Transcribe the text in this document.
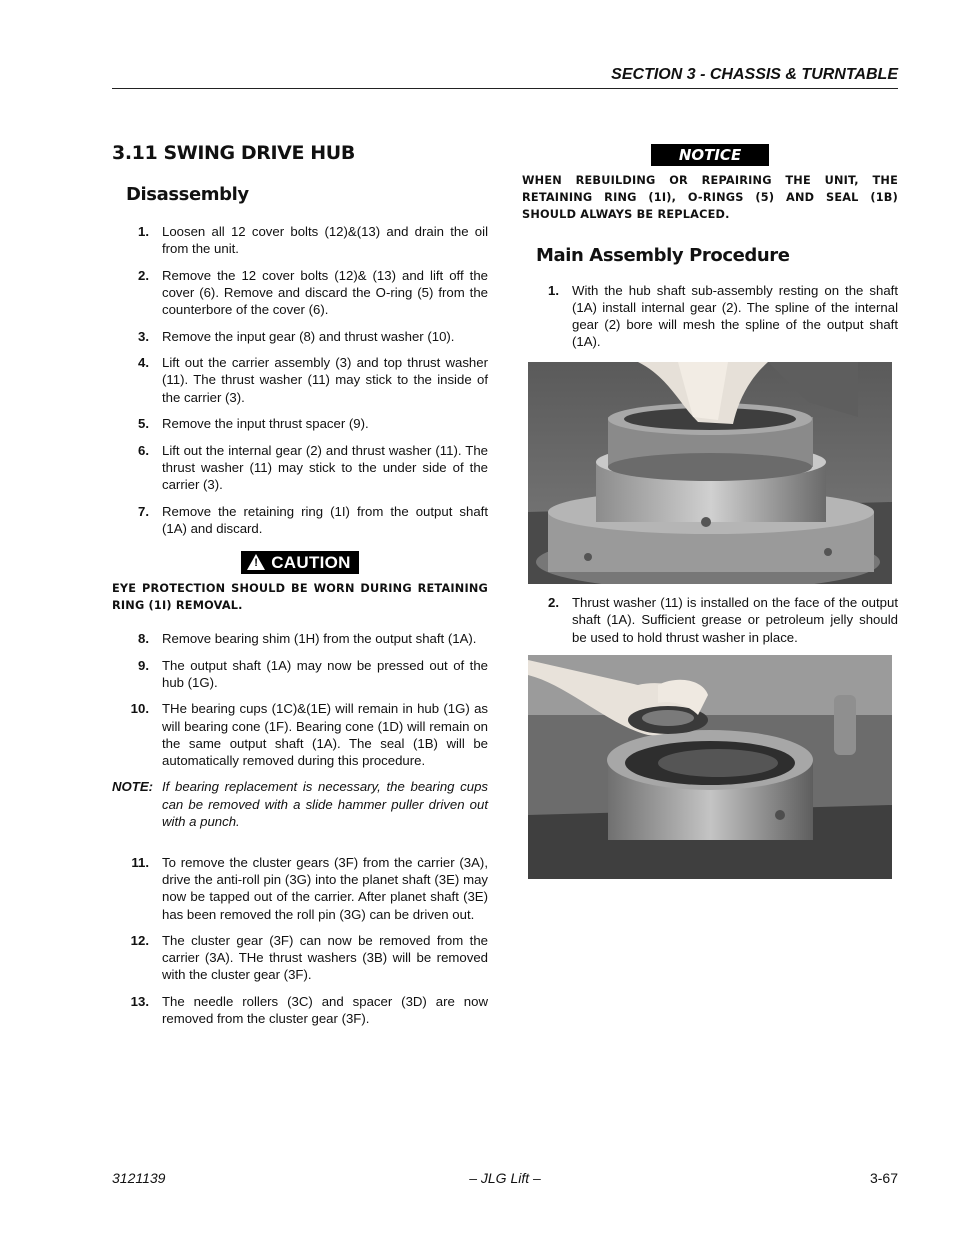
SECTION 3 - CHASSIS & TURNTABLE
3.11 SWING DRIVE HUB
Disassembly
1. Loosen all 12 cover bolts (12)&(13) and drain the oil from the unit.
2. Remove the 12 cover bolts (12)& (13) and lift off the cover (6). Remove and discard the O-ring (5) from the counterbore of the cover (6).
3. Remove the input gear (8) and thrust washer (10).
4. Lift out the carrier assembly (3) and top thrust washer (11). The thrust washer (11) may stick to the inside of the carrier (3).
5. Remove the input thrust spacer (9).
6. Lift out the internal gear (2) and thrust washer (11). The thrust washer (11) may stick to the under side of the carrier (3).
7. Remove the retaining ring (1I) from the output shaft (1A) and discard.
! CAUTION
EYE PROTECTION SHOULD BE WORN DURING RETAINING RING (1I) REMOVAL.
8. Remove bearing shim (1H) from the output shaft (1A).
9. The output shaft (1A) may now be pressed out of the hub (1G).
10. THe bearing cups (1C)&(1E) will remain in hub (1G) as will bearing cone (1F). Bearing cone (1D) will remain on the same output shaft (1A). The seal (1B) will be automatically removed during this procedure.
NOTE: If bearing replacement is necessary, the bearing cups can be removed with a slide hammer puller driven out with a punch.
11. To remove the cluster gears (3F) from the carrier (3A), drive the anti-roll pin (3G) into the planet shaft (3E) may now be tapped out of the carrier. After planet shaft (3E) has been removed the roll pin (3G) can be driven out.
12. The cluster gear (3F) can now be removed from the carrier (3A). THe thrust washers (3B) will be removed with the cluster gear (3F).
13. The needle rollers (3C) and spacer (3D) are now removed from the cluster gear (3F).
NOTICE
WHEN REBUILDING OR REPAIRING THE UNIT, THE RETAINING RING (1I), O-RINGS (5) AND SEAL (1B) SHOULD ALWAYS BE REPLACED.
Main Assembly Procedure
1. With the hub shaft sub-assembly resting on the shaft (1A) install internal gear (2). The spline of the internal gear (2) bore will mesh the spline of the output shaft (1A).
2. Thrust washer (11) is installed on the face of the output shaft (1A). Sufficient grease or petroleum jelly should be used to hold thrust washer in place.
3121139	– JLG Lift –	3-67
